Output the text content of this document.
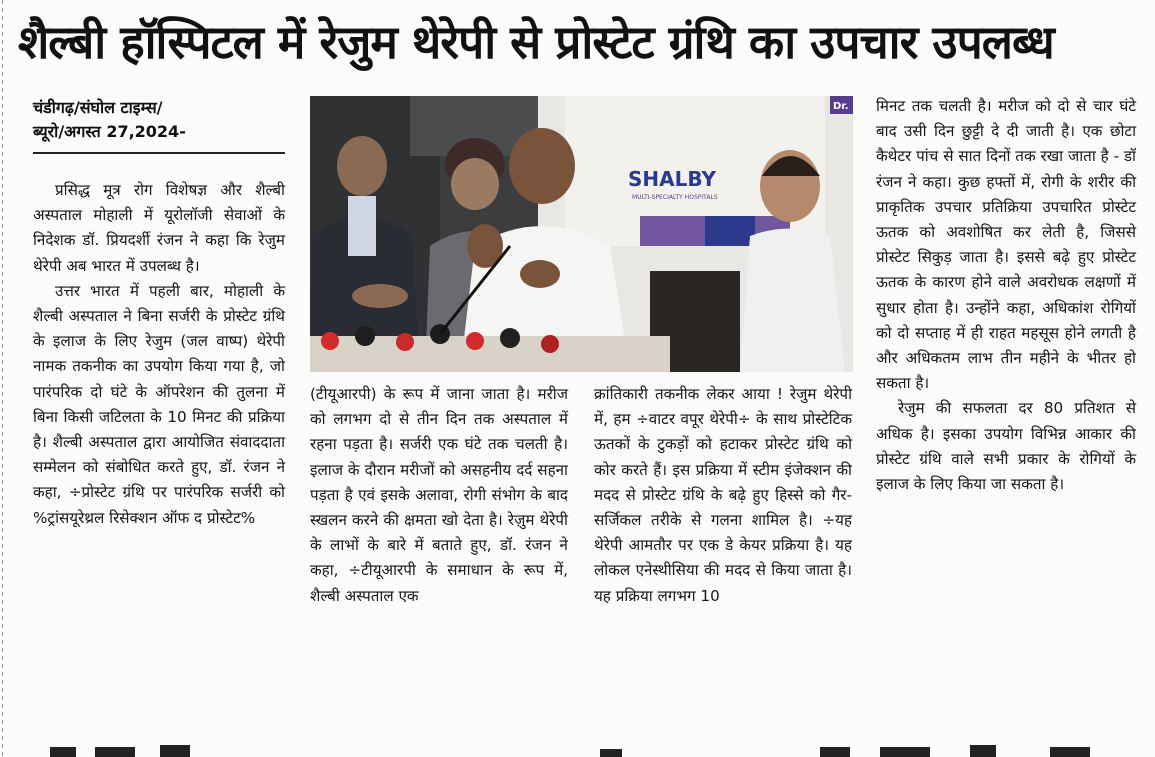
शैल्बी हॉस्पिटल में रेजुम थेरेपी से प्रोस्टेट ग्रंथि का उपचार उपलब्ध
चंडीगढ़/संघोल टाइम्स/
ब्यूरो/अगस्त 27,2024-

प्रसिद्ध मूत्र रोग विशेषज्ञ और शैल्बी अस्पताल मोहाली में यूरोलॉजी सेवाओं के निदेशक डॉ. प्रियदर्शी रंजन ने कहा कि रेजुम थेरेपी अब भारत में उपलब्ध है।

उत्तर भारत में पहली बार, मोहाली के शैल्बी अस्पताल ने बिना सर्जरी के प्रोस्टेट ग्रंथि के इलाज के लिए रेजुम (जल वाष्प) थेरेपी नामक तकनीक का उपयोग किया गया है, जो पारंपरिक दो घंटे के ऑपरेशन की तुलना में बिना किसी जटिलता के 10 मिनट की प्रक्रिया है। शैल्बी अस्पताल द्वारा आयोजित संवाददाता सम्मेलन को संबोधित करते हुए, डॉ. रंजन ने कहा, ÷प्रोस्टेट ग्रंथि पर पारंपरिक सर्जरी को %ट्रांसयूरेथ्रल रिसेक्शन ऑफ द प्रोस्टेट%

SHALBY
MULTI-SPECIALTY HOSPITALS
Dr.

(टीयूआरपी) के रूप में जाना जाता है। मरीज को लगभग दो से तीन दिन तक अस्पताल में रहना पड़ता है। सर्जरी एक घंटे तक चलती है। इलाज के दौरान मरीजों को असहनीय दर्द सहना पड़ता है एवं इसके अलावा, रोगी संभोग के बाद स्खलन करने की क्षमता खो देता है। रेज़ुम थेरेपी के लाभों के बारे में बताते हुए, डॉ. रंजन ने कहा, ÷टीयूआरपी के समाधान के रूप में, शैल्बी अस्पताल एक

क्रांतिकारी तकनीक लेकर आया ! रेजुम थेरेपी में, हम ÷वाटर वपूर थेरेपी÷ के साथ प्रोस्टेटिक ऊतकों के टुकड़ों को हटाकर प्रोस्टेट ग्रंथि को कोर करते हैं। इस प्रक्रिया में स्टीम इंजेक्शन की मदद से प्रोस्टेट ग्रंथि के बढ़े हुए हिस्से को गैर-सर्जिकल तरीके से गलना शामिल है। ÷यह थेरेपी आमतौर पर एक डे केयर प्रक्रिया है। यह लोकल एनेस्थीसिया की मदद से किया जाता है। यह प्रक्रिया लगभग 10

मिनट तक चलती है। मरीज को दो से चार घंटे बाद उसी दिन छुट्टी दे दी जाती है। एक छोटा कैथेटर पांच से सात दिनों तक रखा जाता है - डॉ रंजन ने कहा। कुछ हफ्तों में, रोगी के शरीर की प्राकृतिक उपचार प्रतिक्रिया उपचारित प्रोस्टेट ऊतक को अवशोषित कर लेती है, जिससे प्रोस्टेट सिकुड़ जाता है। इससे बढ़े हुए प्रोस्टेट ऊतक के कारण होने वाले अवरोधक लक्षणों में सुधार होता है। उन्होंने कहा, अधिकांश रोगियों को दो सप्ताह में ही राहत महसूस होने लगती है और अधिकतम लाभ तीन महीने के भीतर हो सकता है।

रेजुम की सफलता दर 80 प्रतिशत से अधिक है। इसका उपयोग विभिन्न आकार की प्रोस्टेट ग्रंथि वाले सभी प्रकार के रोगियों के इलाज के लिए किया जा सकता है।
